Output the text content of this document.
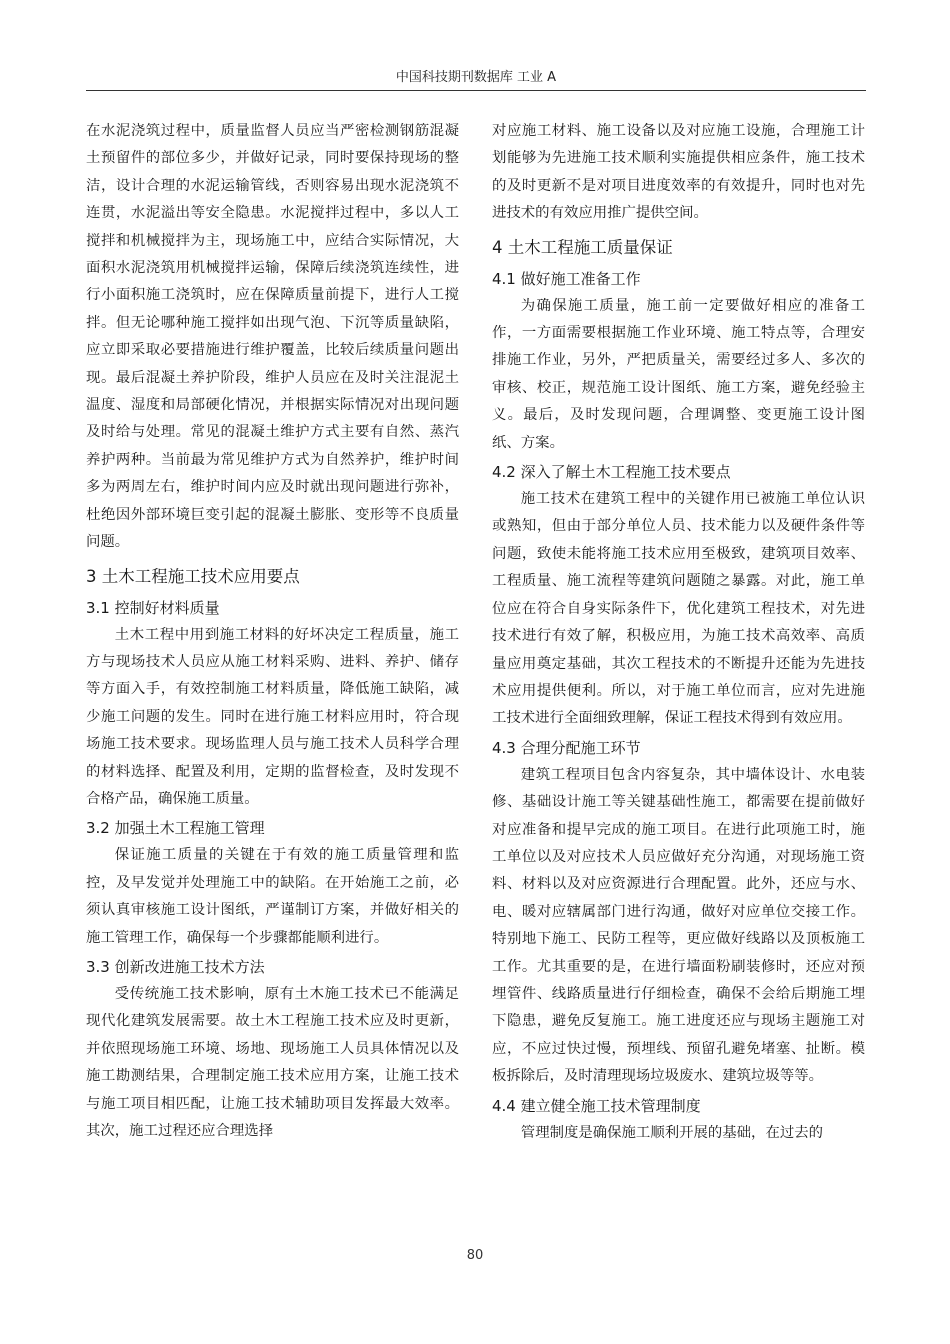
中国科技期刊数据库 工业 A

在水泥浇筑过程中，质量监督人员应当严密检测钢筋混凝土预留件的部位多少，并做好记录，同时要保持现场的整洁，设计合理的水泥运输管线，否则容易出现水泥浇筑不连贯，水泥溢出等安全隐患。水泥搅拌过程中，多以人工搅拌和机械搅拌为主，现场施工中，应结合实际情况，大面积水泥浇筑用机械搅拌运输，保障后续浇筑连续性，进行小面积施工浇筑时，应在保障质量前提下，进行人工搅拌。但无论哪种施工搅拌如出现气泡、下沉等质量缺陷，应立即采取必要措施进行维护覆盖，比较后续质量问题出现。最后混凝土养护阶段，维护人员应在及时关注混泥土温度、湿度和局部硬化情况，并根据实际情况对出现问题及时给与处理。常见的混凝土维护方式主要有自然、蒸汽养护两种。当前最为常见维护方式为自然养护，维护时间多为两周左右，维护时间内应及时就出现问题进行弥补，杜绝因外部环境巨变引起的混凝土膨胀、变形等不良质量问题。

3 土木工程施工技术应用要点
3.1 控制好材料质量

土木工程中用到施工材料的好坏决定工程质量，施工方与现场技术人员应从施工材料采购、进料、养护、储存等方面入手，有效控制施工材料质量，降低施工缺陷，减少施工问题的发生。同时在进行施工材料应用时，符合现场施工技术要求。现场监理人员与施工技术人员科学合理的材料选择、配置及利用，定期的监督检查，及时发现不合格产品，确保施工质量。

3.2 加强土木工程施工管理

保证施工质量的关键在于有效的施工质量管理和监控，及早发觉并处理施工中的缺陷。在开始施工之前，必须认真审核施工设计图纸，严谨制订方案，并做好相关的施工管理工作，确保每一个步骤都能顺利进行。

3.3 创新改进施工技术方法

受传统施工技术影响，原有土木施工技术已不能满足现代化建筑发展需要。故土木工程施工技术应及时更新，并依照现场施工环境、场地、现场施工人员具体情况以及施工勘测结果，合理制定施工技术应用方案，让施工技术与施工项目相匹配，让施工技术辅助项目发挥最大效率。其次，施工过程还应合理选择

对应施工材料、施工设备以及对应施工设施，合理施工计划能够为先进施工技术顺利实施提供相应条件，施工技术的及时更新不是对项目进度效率的有效提升，同时也对先进技术的有效应用推广提供空间。

4 土木工程施工质量保证
4.1 做好施工准备工作

为确保施工质量，施工前一定要做好相应的准备工作，一方面需要根据施工作业环境、施工特点等，合理安排施工作业，另外，严把质量关，需要经过多人、多次的审核、校正，规范施工设计图纸、施工方案，避免经验主义。最后，及时发现问题，合理调整、变更施工设计图纸、方案。

4.2 深入了解土木工程施工技术要点

施工技术在建筑工程中的关键作用已被施工单位认识或熟知，但由于部分单位人员、技术能力以及硬件条件等问题，致使未能将施工技术应用至极致，建筑项目效率、工程质量、施工流程等建筑问题随之暴露。对此，施工单位应在符合自身实际条件下，优化建筑工程技术，对先进技术进行有效了解，积极应用，为施工技术高效率、高质量应用奠定基础，其次工程技术的不断提升还能为先进技术应用提供便利。所以，对于施工单位而言，应对先进施工技术进行全面细致理解，保证工程技术得到有效应用。

4.3 合理分配施工环节

建筑工程项目包含内容复杂，其中墙体设计、水电装修、基础设计施工等关键基础性施工，都需要在提前做好对应准备和提早完成的施工项目。在进行此项施工时，施工单位以及对应技术人员应做好充分沟通，对现场施工资料、材料以及对应资源进行合理配置。此外，还应与水、电、暖对应辖属部门进行沟通，做好对应单位交接工作。特别地下施工、民防工程等，更应做好线路以及顶板施工工作。尤其重要的是，在进行墙面粉刷装修时，还应对预埋管件、线路质量进行仔细检查，确保不会给后期施工埋下隐患，避免反复施工。施工进度还应与现场主题施工对应，不应过快过慢，预埋线、预留孔避免堵塞、扯断。模板拆除后，及时清理现场垃圾废水、建筑垃圾等等。

4.4 建立健全施工技术管理制度

管理制度是确保施工顺利开展的基础，在过去的

80
